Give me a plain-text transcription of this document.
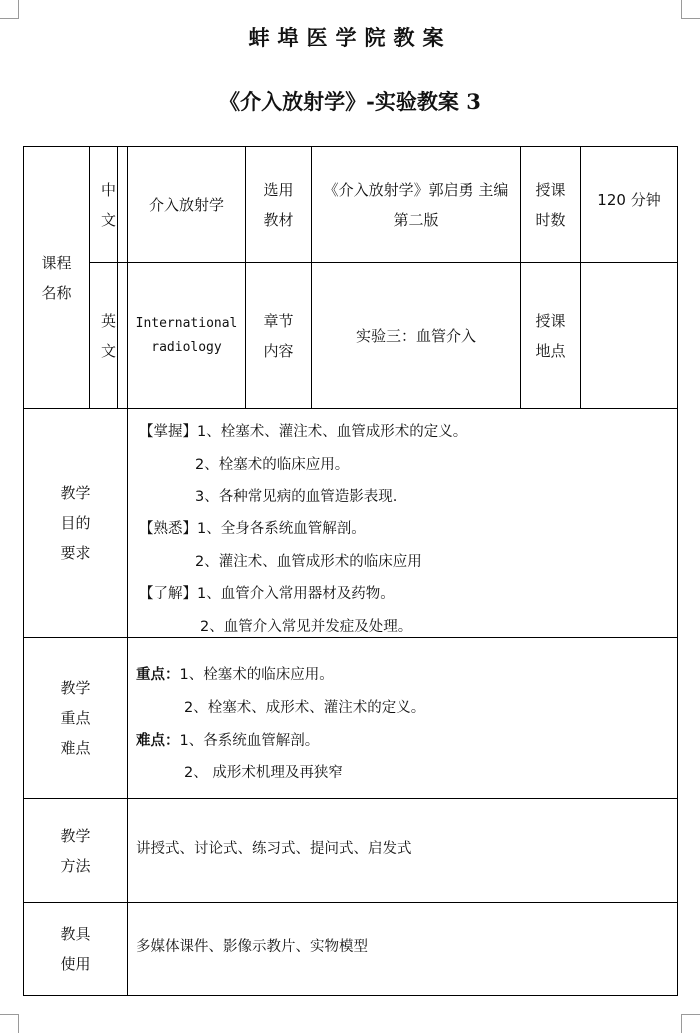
蚌埠医学院教案
《介入放射学》-实验教案 3
课程
名称
中
文
介入放射学
选用
教材
《介入放射学》郭启勇 主编
第二版
授课
时数
120 分钟
英
文
International
radiology
章节
内容
实验三：血管介入
授课
地点
教学
目的
要求
【掌握】1、栓塞术、灌注术、血管成形术的定义。
2、栓塞术的临床应用。
3、各种常见病的血管造影表现.
【熟悉】1、全身各系统血管解剖。
2、灌注术、血管成形术的临床应用
【了解】1、血管介入常用器材及药物。
2、血管介入常见并发症及处理。
教学
重点
难点
重点：1、栓塞术的临床应用。
2、栓塞术、成形术、灌注术的定义。
难点：1、各系统血管解剖。
2、 成形术机理及再狭窄
教学
方法
讲授式、讨论式、练习式、提问式、启发式
教具
使用
多媒体课件、影像示教片、实物模型
